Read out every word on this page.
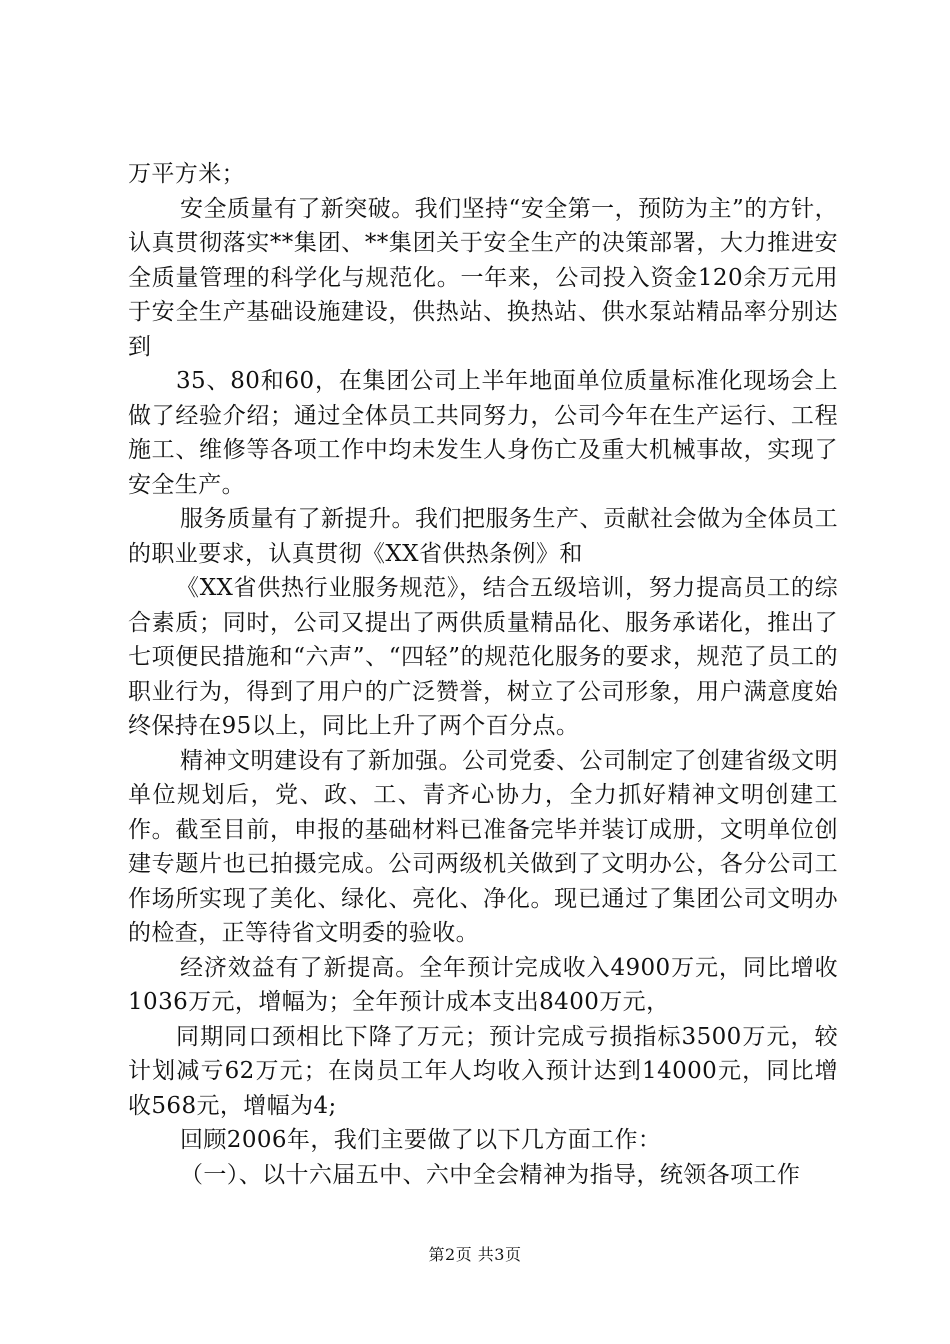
万平方米；

安全质量有了新突破。我们坚持“安全第一，预防为主”的方针，认真贯彻落实**集团、**集团关于安全生产的决策部署，大力推进安全质量管理的科学化与规范化。一年来，公司投入资金120余万元用于安全生产基础设施建设，供热站、换热站、供水泵站精品率分别达到

35、80和60，在集团公司上半年地面单位质量标准化现场会上做了经验介绍；通过全体员工共同努力，公司今年在生产运行、工程施工、维修等各项工作中均未发生人身伤亡及重大机械事故，实现了安全生产。

服务质量有了新提升。我们把服务生产、贡献社会做为全体员工的职业要求，认真贯彻《XX省供热条例》和

《XX省供热行业服务规范》，结合五级培训，努力提高员工的综合素质；同时，公司又提出了两供质量精品化、服务承诺化，推出了七项便民措施和“六声”、“四轻”的规范化服务的要求，规范了员工的职业行为，得到了用户的广泛赞誉，树立了公司形象，用户满意度始终保持在95以上，同比上升了两个百分点。

精神文明建设有了新加强。公司党委、公司制定了创建省级文明单位规划后，党、政、工、青齐心协力，全力抓好精神文明创建工作。截至目前，申报的基础材料已准备完毕并装订成册，文明单位创建专题片也已拍摄完成。公司两级机关做到了文明办公，各分公司工作场所实现了美化、绿化、亮化、净化。现已通过了集团公司文明办的检查，正等待省文明委的验收。

经济效益有了新提高。全年预计完成收入4900万元，同比增收1036万元，增幅为；全年预计成本支出8400万元，

同期同口颈相比下降了万元；预计完成亏损指标3500万元，较计划减亏62万元；在岗员工年人均收入预计达到14000元，同比增收568元，增幅为4;

回顾2006年，我们主要做了以下几方面工作：

（一）、以十六届五中、六中全会精神为指导，统领各项工作

第2页 共3页
